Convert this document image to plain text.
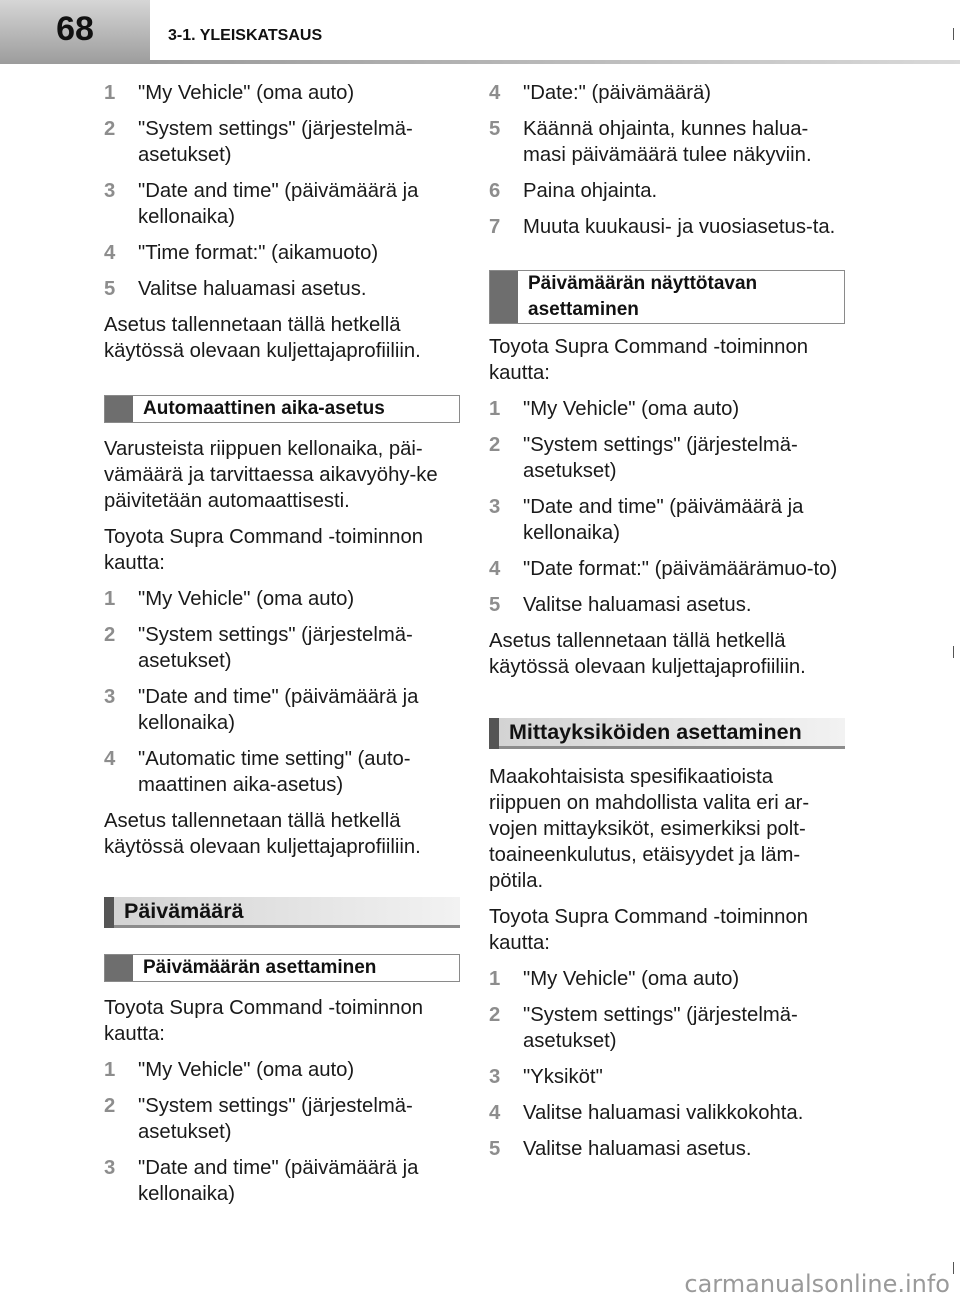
68	3-1. YLEISKATSAUS
1	"My Vehicle" (oma auto)
2	"System settings" (järjestelmä-asetukset)
3	"Date and time" (päivämäärä ja kellonaika)
4	"Time format:" (aikamuoto)
5	Valitse haluamasi asetus.
Asetus tallennetaan tällä hetkellä käytössä olevaan kuljettajaprofiiliin.
Automaattinen aika-asetus
Varusteista riippuen kellonaika, päi-vämäärä ja tarvittaessa aikavyöhy-ke päivitetään automaattisesti.
Toyota Supra Command -toiminnon kautta:
1	"My Vehicle" (oma auto)
2	"System settings" (järjestelmä-asetukset)
3	"Date and time" (päivämäärä ja kellonaika)
4	"Automatic time setting" (auto-maattinen aika-asetus)
Asetus tallennetaan tällä hetkellä käytössä olevaan kuljettajaprofiiliin.
Päivämäärä
Päivämäärän asettaminen
Toyota Supra Command -toiminnon kautta:
1	"My Vehicle" (oma auto)
2	"System settings" (järjestelmä-asetukset)
3	"Date and time" (päivämäärä ja kellonaika)
4	"Date:" (päivämäärä)
5	Käännä ohjainta, kunnes halua-masi päivämäärä tulee näkyviin.
6	Paina ohjainta.
7	Muuta kuukausi- ja vuosiasetus-ta.
Päivämäärän näyttötavan asettaminen
Toyota Supra Command -toiminnon kautta:
1	"My Vehicle" (oma auto)
2	"System settings" (järjestelmä-asetukset)
3	"Date and time" (päivämäärä ja kellonaika)
4	"Date format:" (päivämäärämuo-to)
5	Valitse haluamasi asetus.
Asetus tallennetaan tällä hetkellä käytössä olevaan kuljettajaprofiiliin.
Mittayksiköiden asettaminen
Maakohtaisista spesifikaatioista riippuen on mahdollista valita eri ar-vojen mittayksiköt, esimerkiksi polt-toaineenkulutus, etäisyydet ja läm-pötila.
Toyota Supra Command -toiminnon kautta:
1	"My Vehicle" (oma auto)
2	"System settings" (järjestelmä-asetukset)
3	"Yksiköt"
4	Valitse haluamasi valikkokohta.
5	Valitse haluamasi asetus.
carmanualsonline.info
